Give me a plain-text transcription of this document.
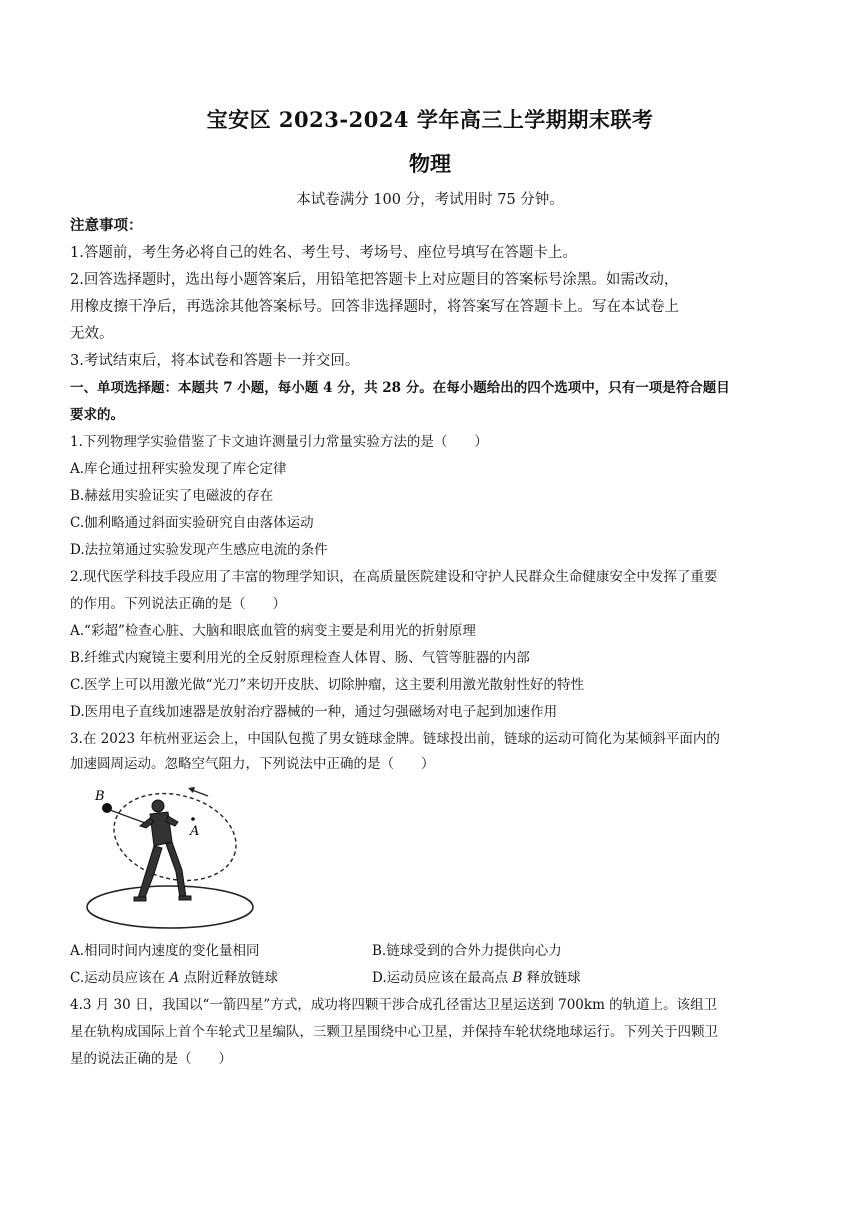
宝安区 2023-2024 学年高三上学期期末联考
物理
本试卷满分 100 分，考试用时 75 分钟。
注意事项：
1.答题前，考生务必将自己的姓名、考生号、考场号、座位号填写在答题卡上。
2.回答选择题时，选出每小题答案后，用铅笔把答题卡上对应题目的答案标号涂黑。如需改动，
用橡皮擦干净后，再选涂其他答案标号。回答非选择题时，将答案写在答题卡上。写在本试卷上
无效。
3.考试结束后，将本试卷和答题卡一并交回。
一、单项选择题：本题共 7 小题，每小题 4 分，共 28 分。在每小题给出的四个选项中，只有一项是符合题目
要求的。
1.下列物理学实验借鉴了卡文迪许测量引力常量实验方法的是（　　）
A.库仑通过扭秤实验发现了库仑定律
B.赫兹用实验证实了电磁波的存在
C.伽利略通过斜面实验研究自由落体运动
D.法拉第通过实验发现产生感应电流的条件
2.现代医学科技手段应用了丰富的物理学知识，在高质量医院建设和守护人民群众生命健康安全中发挥了重要
的作用。下列说法正确的是（　　）
A.“彩超”检查心脏、大脑和眼底血管的病变主要是利用光的折射原理
B.纤维式内窥镜主要利用光的全反射原理检查人体胃、肠、气管等脏器的内部
C.医学上可以用激光做“光刀”来切开皮肤、切除肿瘤，这主要利用激光散射性好的特性
D.医用电子直线加速器是放射治疗器械的一种，通过匀强磁场对电子起到加速作用
3.在 2023 年杭州亚运会上，中国队包揽了男女链球金牌。链球投出前，链球的运动可简化为某倾斜平面内的
加速圆周运动。忽略空气阻力，下列说法中正确的是（　　）
B
A
A.相同时间内速度的变化量相同	B.链球受到的合外力提供向心力
C.运动员应该在 A 点附近释放链球	D.运动员应该在最高点 B 释放链球
4.3 月 30 日，我国以“一箭四星”方式，成功将四颗干涉合成孔径雷达卫星运送到 700km 的轨道上。该组卫
星在轨构成国际上首个车轮式卫星编队，三颗卫星围绕中心卫星，并保持车轮状绕地球运行。下列关于四颗卫
星的说法正确的是（　　）
